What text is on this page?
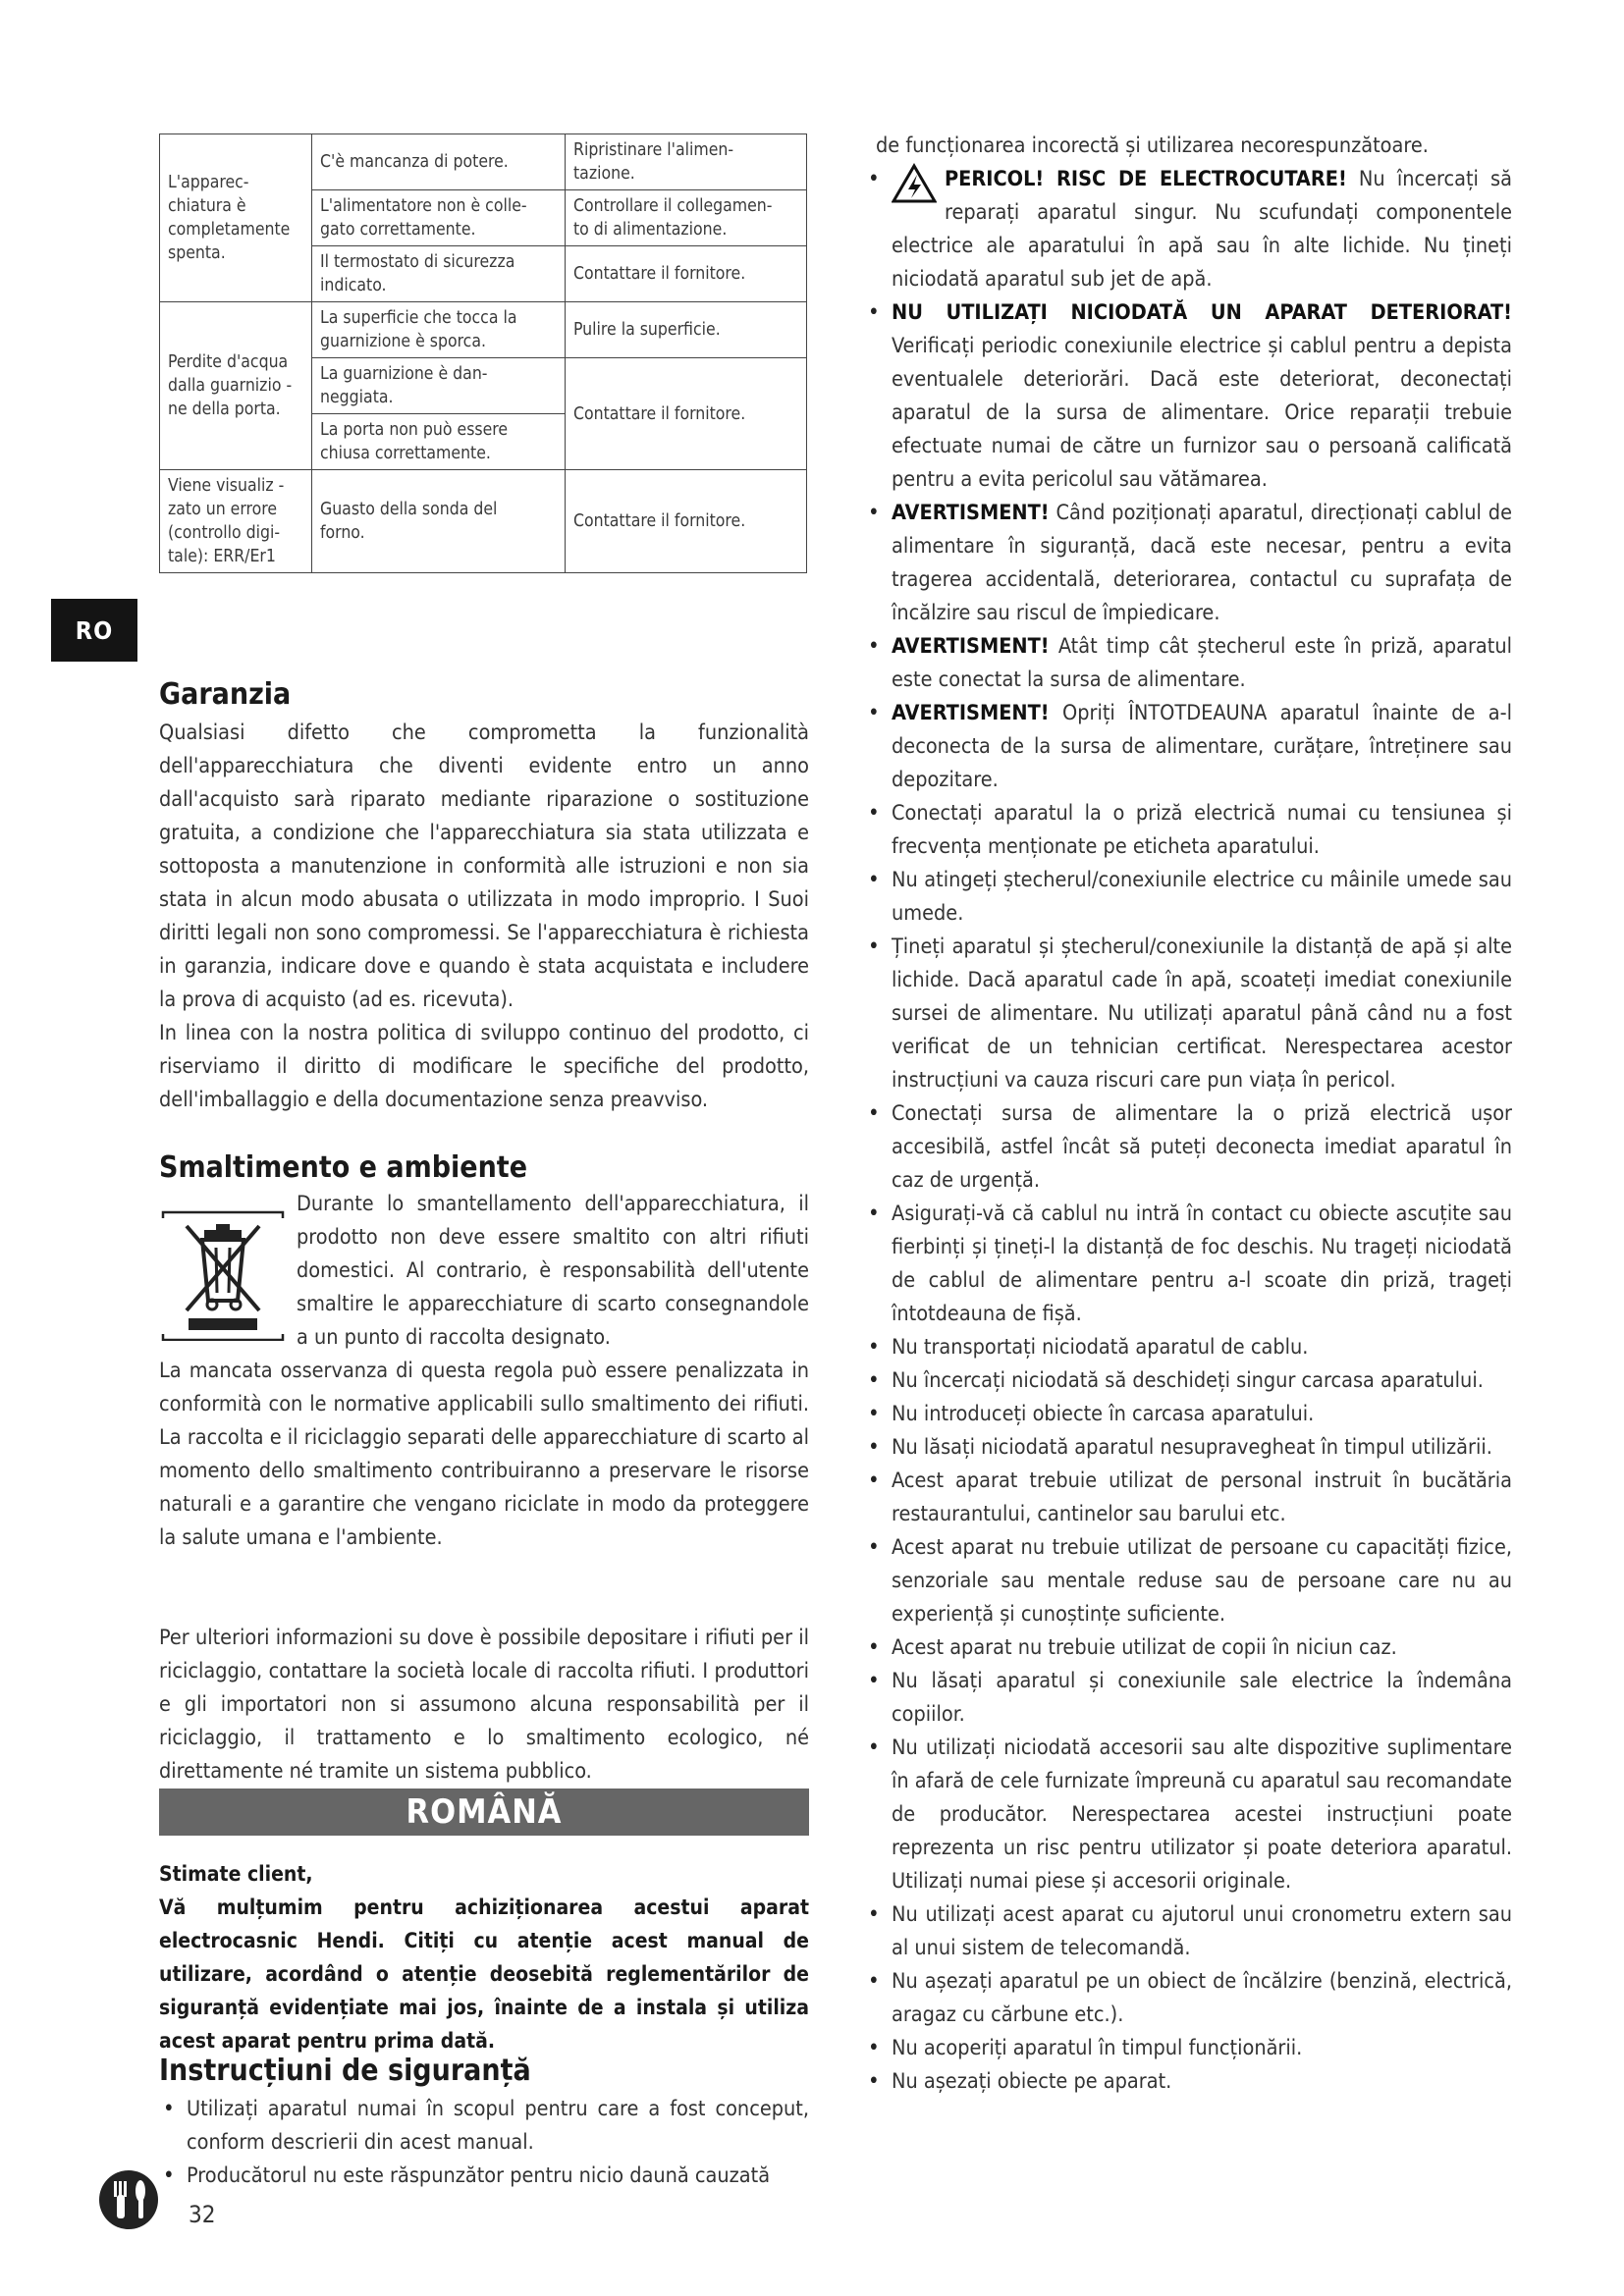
RO
L'apparec-
chiatura è
completamente
spenta.	C'è mancanza di potere.	Ripristinare l'alimen-
tazione.
	L'alimentatore non è colle-
gato correttamente.	Controllare il collegamen-
to di alimentazione.
	Il termostato di sicurezza
indicato.	Contattare il fornitore.
Perdite d'acqua
dalla guarnizio -
ne della porta.	La superficie che tocca la
guarnizione è sporca.	Pulire la superficie.
	La guarnizione è dan-
neggiata.	Contattare il fornitore.
	La porta non può essere
chiusa correttamente.	
Viene visualiz -
zato un errore
(controllo digi-
tale): ERR/Er1	Guasto della sonda del
forno.	Contattare il fornitore.
Garanzia

Qualsiasi difetto che comprometta la funzionalità dell'apparecchiatura che diventi evidente entro un anno dall'acquisto sarà riparato mediante riparazione o sostituzione gratuita, a condizione che l'apparecchiatura sia stata utilizzata e sottoposta a manutenzione in conformità alle istruzioni e non sia stata in alcun modo abusata o utilizzata in modo improprio. I Suoi diritti legali non sono compromessi. Se l'apparecchiatura è richiesta in garanzia, indicare dove e quando è stata acquistata e includere la prova di acquisto (ad es. ricevuta).

In linea con la nostra politica di sviluppo continuo del prodotto, ci riserviamo il diritto di modificare le specifiche del prodotto, dell'imballaggio e della documentazione senza preavviso.

Smaltimento e ambiente

Durante lo smantellamento dell'apparecchiatura, il prodotto non deve essere smaltito con altri rifiuti domestici. Al contrario, è responsabilità dell'utente smaltire le apparecchiature di scarto consegnandole a un punto di raccolta designato.

La mancata osservanza di questa regola può essere penalizzata in conformità con le normative applicabili sullo smaltimento dei rifiuti. La raccolta e il riciclaggio separati delle apparecchiature di scarto al momento dello smaltimento contribuiranno a preservare le risorse naturali e a garantire che vengano riciclate in modo da proteggere la salute umana e l'ambiente.

Per ulteriori informazioni su dove è possibile depositare i rifiuti per il riciclaggio, contattare la società locale di raccolta rifiuti. I produttori e gli importatori non si assumono alcuna responsabilità per il riciclaggio, il trattamento e lo smaltimento ecologico, né direttamente né tramite un sistema pubblico.

ROMÂNĂ

Stimate client,

Vă mulțumim pentru achiziționarea acestui aparat electrocasnic Hendi. Citiți cu atenție acest manual de utilizare, acordând o atenție deosebită reglementărilor de siguranță evidențiate mai jos, înainte de a instala și utiliza acest aparat pentru prima dată.

Instrucțiuni de siguranță
• Utilizați aparatul numai în scopul pentru care a fost conceput, conform descrierii din acest manual.
• Producătorul nu este răspunzător pentru nicio daună cauzată

de funcționarea incorectă și utilizarea necorespunzătoare.

• PERICOL! RISC DE ELECTROCUTARE! Nu încercați să reparați aparatul singur. Nu scufundați componentele electrice ale aparatului în apă sau în alte lichide. Nu țineți niciodată aparatul sub jet de apă.
• NU UTILIZAȚI NICIODATĂ UN APARAT DETERIORAT! Verificați periodic conexiunile electrice și cablul pentru a depista eventualele deteriorări. Dacă este deteriorat, deconectați aparatul de la sursa de alimentare. Orice reparații trebuie efectuate numai de către un furnizor sau o persoană calificată pentru a evita pericolul sau vătămarea.
• AVERTISMENT! Când poziționați aparatul, direcționați cablul de alimentare în siguranță, dacă este necesar, pentru a evita tragerea accidentală, deteriorarea, contactul cu suprafața de încălzire sau riscul de împiedicare.
• AVERTISMENT! Atât timp cât ștecherul este în priză, aparatul este conectat la sursa de alimentare.
• AVERTISMENT! Opriți ÎNTOTDEAUNA aparatul înainte de a-l deconecta de la sursa de alimentare, curățare, întreținere sau depozitare.
• Conectați aparatul la o priză electrică numai cu tensiunea și frecvența menționate pe eticheta aparatului.
• Nu atingeți ștecherul/conexiunile electrice cu mâinile umede sau umede.
• Țineți aparatul și ștecherul/conexiunile la distanță de apă și alte lichide. Dacă aparatul cade în apă, scoateți imediat conexiunile sursei de alimentare. Nu utilizați aparatul până când nu a fost verificat de un tehnician certificat. Nerespectarea acestor instrucțiuni va cauza riscuri care pun viața în pericol.
• Conectați sursa de alimentare la o priză electrică ușor accesibilă, astfel încât să puteți deconecta imediat aparatul în caz de urgență.
• Asigurați-vă că cablul nu intră în contact cu obiecte ascuțite sau fierbinți și țineți-l la distanță de foc deschis. Nu trageți niciodată de cablul de alimentare pentru a-l scoate din priză, trageți întotdeauna de fișă.
• Nu transportați niciodată aparatul de cablu.
• Nu încercați niciodată să deschideți singur carcasa aparatului.
• Nu introduceți obiecte în carcasa aparatului.
• Nu lăsați niciodată aparatul nesupravegheat în timpul utilizării.
• Acest aparat trebuie utilizat de personal instruit în bucătăria restaurantului, cantinelor sau barului etc.
• Acest aparat nu trebuie utilizat de persoane cu capacități fizice, senzoriale sau mentale reduse sau de persoane care nu au experiență și cunoștințe suficiente.
• Acest aparat nu trebuie utilizat de copii în niciun caz.
• Nu lăsați aparatul și conexiunile sale electrice la îndemâna copiilor.
• Nu utilizați niciodată accesorii sau alte dispozitive suplimentare în afară de cele furnizate împreună cu aparatul sau recomandate de producător. Nerespectarea acestei instrucțiuni poate reprezenta un risc pentru utilizator și poate deteriora aparatul. Utilizați numai piese și accesorii originale.
• Nu utilizați acest aparat cu ajutorul unui cronometru extern sau al unui sistem de telecomandă.
• Nu așezați aparatul pe un obiect de încălzire (benzină, electrică, aragaz cu cărbune etc.).
• Nu acoperiți aparatul în timpul funcționării.
• Nu așezați obiecte pe aparat.
32
